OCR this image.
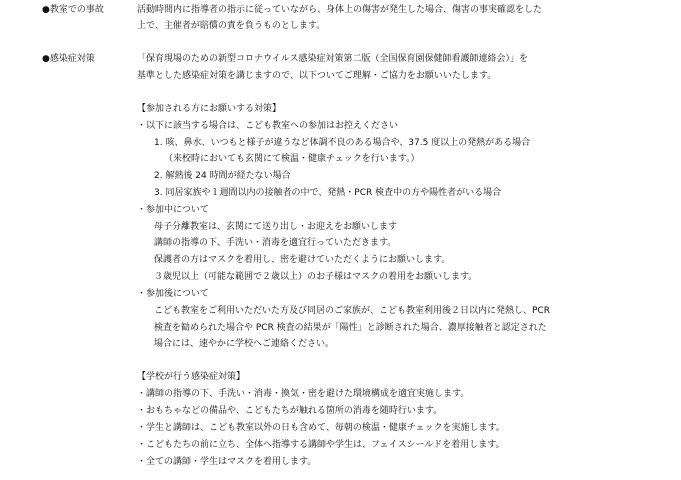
●教室での事故	活動時間内に指導者の指示に従っていながら、身体上の傷害が発生した場合、傷害の事実確認をした
上で、主催者が賠償の責を負うものとします。
●感染症対策	「保育現場のための新型コロナウイルス感染症対策第二版（全国保育園保健師看護師連絡会）」を
基準とした感染症対策を講じますので、以下ついてご理解・ご協力をお願いいたします。
【参加される方にお願いする対策】
・以下に該当する場合は、こども教室への参加はお控えください
1. 咳、鼻水、いつもと様子が違うなど体調不良のある場合や、37.5 度以上の発熱がある場合
（来校時においても玄関にて検温・健康チェックを行います。）
2. 解熱後 24 時間が経たない場合
3. 同居家族や１週間以内の接触者の中で、発熱・PCR 検査中の方や陽性者がいる場合
・参加中について
母子分離教室は、玄関にて送り出し・お迎えをお願いします
講師の指導の下、手洗い・消毒を適宜行っていただきます。
保護者の方はマスクを着用し、密を避けていただくようにお願いします。
３歳児以上（可能な範囲で２歳以上）のお子様はマスクの着用をお願いします。
・参加後について
こども教室をご利用いただいた方及び同居のご家族が、こども教室利用後２日以内に発熱し、PCR
検査を勧められた場合や PCR 検査の結果が「陽性」と診断された場合、濃厚接触者と認定された
場合には、速やかに学校へご連絡ください。
【学校が行う感染症対策】
・講師の指導の下、手洗い・消毒・換気・密を避けた環境構成を適宜実施します。
・おもちゃなどの備品や、こどもたちが触れる箇所の消毒を随時行います。
・学生と講師は、こども教室以外の日も含めて、毎朝の検温・健康チェックを実施します。
・こどもたちの前に立ち、全体へ指導する講師や学生は、フェイスシールドを着用します。
・全ての講師・学生はマスクを着用します。
